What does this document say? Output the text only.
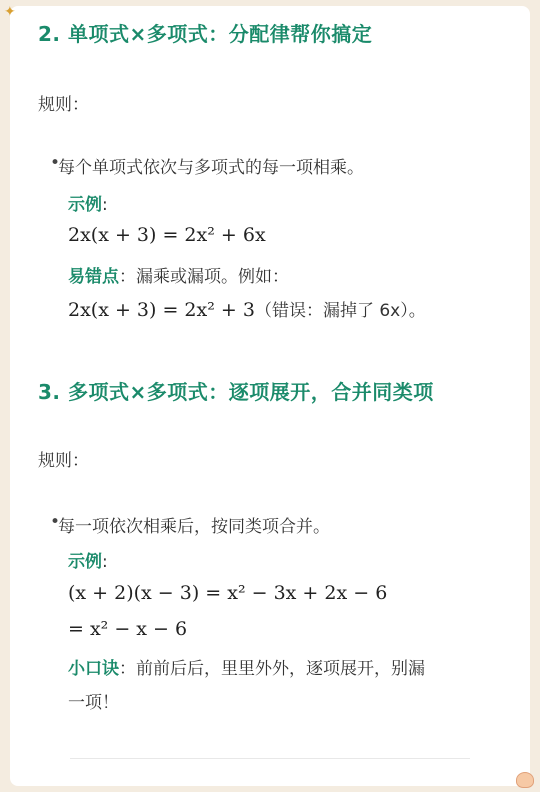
✦
2. 单项式×多项式：分配律帮你搞定
规则：
• 每个单项式依次与多项式的每一项相乘。
示例:
2x(x + 3) = 2x² + 6x
易错点：漏乘或漏项。例如：
2x(x + 3) = 2x² + 3（错误：漏掉了 6x）。
3. 多项式×多项式：逐项展开，合并同类项
规则：
• 每一项依次相乘后，按同类项合并。
示例:
(x + 2)(x − 3) = x² − 3x + 2x − 6
= x² − x − 6
小口诀：前前后后，里里外外，逐项展开，别漏
一项！
